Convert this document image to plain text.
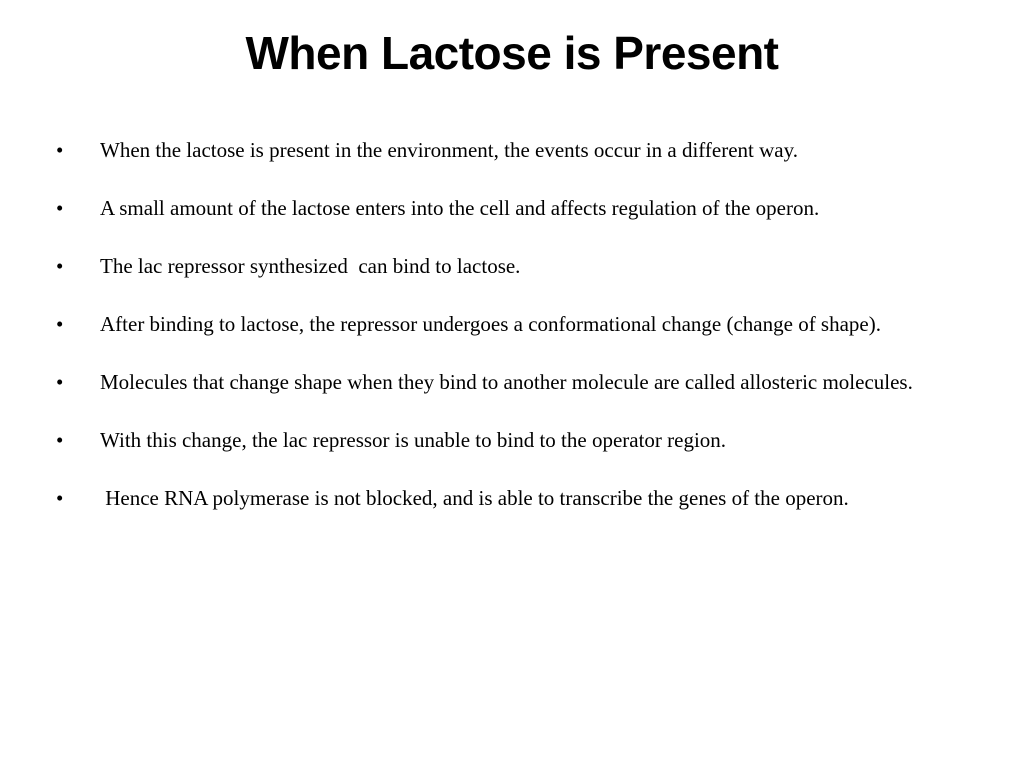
When Lactose is Present
•	When the lactose is present in the environment, the events occur in a different way.
•	A small amount of the lactose enters into the cell and affects regulation of the operon.
•	The lac repressor synthesized  can bind to lactose.
•	After binding to lactose, the repressor undergoes a conformational change (change of shape).
•	Molecules that change shape when they bind to another molecule are called allosteric molecules.
•	With this change, the lac repressor is unable to bind to the operator region.
•	Hence RNA polymerase is not blocked, and is able to transcribe the genes of the operon.
